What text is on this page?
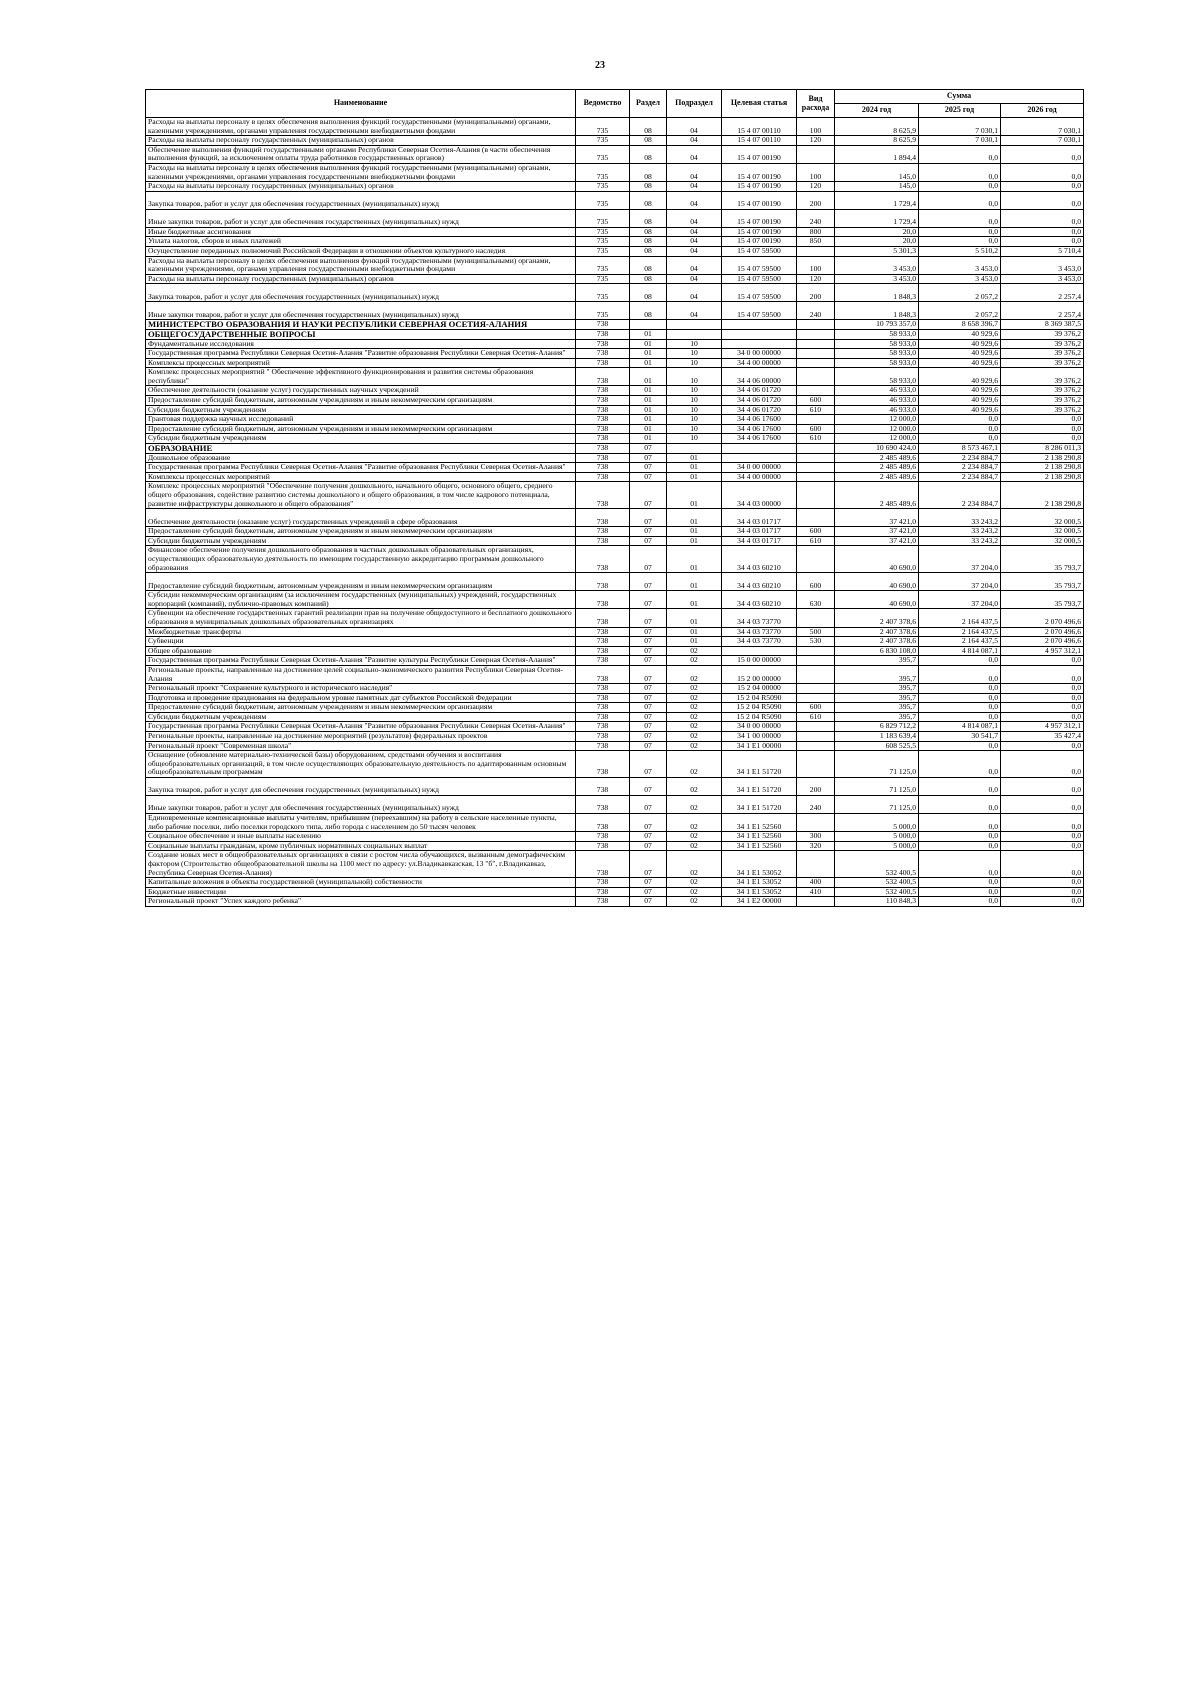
23
Наименование	Ведомство	Раздел	Подраздел	Целевая статья	Вид расхода	Сумма		
						2024 год	2025 год	2026 год
Расходы на выплаты персоналу в целях обеспечения выполнения функций государственными (муниципальными) органами, казенными учреждениями, органами управления государственными внебюджетными фондами	735	08	04	15 4 07 00110	100	8 625,9	7 030,1	7 030,1
Расходы на выплаты персоналу государственных (муниципальных) органов	735	08	04	15 4 07 00110	120	8 625,9	7 030,1	7 030,1
Обеспечение выполнения функций государственными органами Республики Северная Осетия-Алания (в части обеспечения выполнения функций, за исключением оплаты труда работников государственных органов)	735	08	04	15 4 07 00190		1 894,4	0,0	0,0
Расходы на выплаты персоналу в целях обеспечения выполнения функций государственными (муниципальными) органами, казенными учреждениями, органами управления государственными внебюджетными фондами	735	08	04	15 4 07 00190	100	145,0	0,0	0,0
Расходы на выплаты персоналу государственных (муниципальных) органов	735	08	04	15 4 07 00190	120	145,0	0,0	0,0
Закупка товаров, работ и услуг для обеспечения государственных (муниципальных) нужд	735	08	04	15 4 07 00190	200	1 729,4	0,0	0,0
Иные закупки товаров, работ и услуг для обеспечения государственных (муниципальных) нужд	735	08	04	15 4 07 00190	240	1 729,4	0,0	0,0
Иные бюджетные ассигнования	735	08	04	15 4 07 00190	800	20,0	0,0	0,0
Уплата налогов, сборов и иных платежей	735	08	04	15 4 07 00190	850	20,0	0,0	0,0
Осуществление переданных полномочий Российской Федерации в отношении объектов культурного наследия	735	08	04	15 4 07 59500		5 301,3	5 510,2	5 710,4
Расходы на выплаты персоналу в целях обеспечения выполнения функций государственными (муниципальными) органами, казенными учреждениями, органами управления государственными внебюджетными фондами	735	08	04	15 4 07 59500	100	3 453,0	3 453,0	3 453,0
Расходы на выплаты персоналу государственных (муниципальных) органов	735	08	04	15 4 07 59500	120	3 453,0	3 453,0	3 453,0
Закупка товаров, работ и услуг для обеспечения государственных (муниципальных) нужд	735	08	04	15 4 07 59500	200	1 848,3	2 057,2	2 257,4
Иные закупки товаров, работ и услуг для обеспечения государственных (муниципальных) нужд	735	08	04	15 4 07 59500	240	1 848,3	2 057,2	2 257,4
МИНИСТЕРСТВО ОБРАЗОВАНИЯ И НАУКИ РЕСПУБЛИКИ СЕВЕРНАЯ ОСЕТИЯ-АЛАНИЯ	738					10 793 357,0	8 658 396,7	8 369 387,5
ОБЩЕГОСУДАРСТВЕННЫЕ ВОПРОСЫ	738	01				58 933,0	40 929,6	39 376,2
Фундаментальные исследования	738	01	10			58 933,0	40 929,6	39 376,2
Государственная программа Республики Северная Осетия-Алания "Развитие образования Республики Северная Осетия-Алания"	738	01	10	34 0 00 00000		58 933,0	40 929,6	39 376,2
Комплексы процессных мероприятий	738	01	10	34 4 00 00000		58 933,0	40 929,6	39 376,2
Комплекс процессных мероприятий " Обеспечение эффективного функционирования и развития системы образования республики"	738	01	10	34 4 06 00000		58 933,0	40 929,6	39 376,2
Обеспечение деятельности (оказание услуг) государственных научных учреждений	738	01	10	34 4 06 01720		46 933,0	40 929,6	39 376,2
Предоставление субсидий бюджетным, автономным учреждениям и иным некоммерческим организациям	738	01	10	34 4 06 01720	600	46 933,0	40 929,6	39 376,2
Субсидии бюджетным учреждениям	738	01	10	34 4 06 01720	610	46 933,0	40 929,6	39 376,2
Грантовая поддержка научных исследований	738	01	10	34 4 06 17600		12 000,0	0,0	0,0
Предоставление субсидий бюджетным, автономным учреждениям и иным некоммерческим организациям	738	01	10	34 4 06 17600	600	12 000,0	0,0	0,0
Субсидии бюджетным учреждениям	738	01	10	34 4 06 17600	610	12 000,0	0,0	0,0
ОБРАЗОВАНИЕ	738	07				10 690 424,0	8 573 467,1	8 286 011,3
Дошкольное образование	738	07	01			2 485 489,6	2 234 884,7	2 138 290,8
Государственная программа Республики Северная Осетия-Алания "Развитие образования Республики Северная Осетия-Алания"	738	07	01	34 0 00 00000		2 485 489,6	2 234 884,7	2 138 290,8
Комплексы процессных мероприятий	738	07	01	34 4 00 00000		2 485 489,6	2 234 884,7	2 138 290,8
Комплекс процессных мероприятий "Обеспечение получения дошкольного, начального общего, основного общего, среднего общего образования, содействие развитию системы дошкольного и общего образования, в том числе кадрового потенциала, развитие инфраструктуры дошкольного и общего образования"	738	07	01	34 4 03 00000		2 485 489,6	2 234 884,7	2 138 290,8
Обеспечение деятельности (оказание услуг) государственных учреждений в сфере образования	738	07	01	34 4 03 01717		37 421,0	33 243,2	32 000,5
Предоставление субсидий бюджетным, автономным учреждениям и иным некоммерческим организациям	738	07	01	34 4 03 01717	600	37 421,0	33 243,2	32 000,5
Субсидии бюджетным учреждениям	738	07	01	34 4 03 01717	610	37 421,0	33 243,2	32 000,5
Финансовое обеспечение получения дошкольного образования в частных дошкольных образовательных организациях, осуществляющих образовательную деятельность по имеющим государственную аккредитацию программам дошкольного образования	738	07	01	34 4 03 60210		40 690,0	37 204,0	35 793,7
Предоставление субсидий бюджетным, автономным учреждениям и иным некоммерческим организациям	738	07	01	34 4 03 60210	600	40 690,0	37 204,0	35 793,7
Субсидии некоммерческим организациям (за исключением государственных (муниципальных) учреждений, государственных корпораций (компаний), публично-правовых компаний)	738	07	01	34 4 03 60210	630	40 690,0	37 204,0	35 793,7
Субвенции на обеспечение государственных гарантий реализации прав на получение общедоступного и бесплатного дошкольного образования в муниципальных дошкольных образовательных организациях	738	07	01	34 4 03 73770		2 407 378,6	2 164 437,5	2 070 496,6
Межбюджетные трансферты	738	07	01	34 4 03 73770	500	2 407 378,6	2 164 437,5	2 070 496,6
Субвенции	738	07	01	34 4 03 73770	530	2 407 378,6	2 164 437,5	2 070 496,6
Общее образование	738	07	02			6 830 108,0	4 814 087,1	4 957 312,1
Государственная программа Республики Северная Осетия-Алания "Развитие культуры Республики Северная Осетия-Алания"	738	07	02	15 0 00 00000		395,7	0,0	0,0
Региональные проекты, направленные на достижение целей социально-экономического развития Республики Северная Осетия-Алания	738	07	02	15 2 00 00000		395,7	0,0	0,0
Региональный проект "Сохранение культурного и исторического наследия"	738	07	02	15 2 04 00000		395,7	0,0	0,0
Подготовка и проведение празднования на федеральном уровне памятных дат субъектов Российской Федерации	738	07	02	15 2 04 R5090		395,7	0,0	0,0
Предоставление субсидий бюджетным, автономным учреждениям и иным некоммерческим организациям	738	07	02	15 2 04 R5090	600	395,7	0,0	0,0
Субсидии бюджетным учреждениям	738	07	02	15 2 04 R5090	610	395,7	0,0	0,0
Государственная программа Республики Северная Осетия-Алания "Развитие образования Республики Северная Осетия-Алания"	738	07	02	34 0 00 00000		6 829 712,2	4 814 087,1	4 957 312,1
Региональные проекты, направленные на достижение мероприятий (результатов) федеральных проектов	738	07	02	34 1 00 00000		1 183 639,4	30 541,7	35 427,4
Региональный проект "Современная школа"	738	07	02	34 1 E1 00000		608 525,5	0,0	0,0
Оснащение (обновление материально-технической базы) оборудованием, средствами обучения и воспитания общеобразовательных организаций, в том числе осуществляющих образовательную деятельность по адаптированным основным общеобразовательным программам	738	07	02	34 1 E1 51720		71 125,0	0,0	0,0
Закупка товаров, работ и услуг для обеспечения государственных (муниципальных) нужд	738	07	02	34 1 E1 51720	200	71 125,0	0,0	0,0
Иные закупки товаров, работ и услуг для обеспечения государственных (муниципальных) нужд	738	07	02	34 1 E1 51720	240	71 125,0	0,0	0,0
Единовременные компенсационные выплаты учителям, прибывшим (переехавшим) на работу в сельские населенные пункты, либо рабочие поселки, либо поселки городского типа, либо города с населением до 50 тысяч человек	738	07	02	34 1 E1 52560		5 000,0	0,0	0,0
Социальное обеспечение и иные выплаты населению	738	07	02	34 1 E1 52560	300	5 000,0	0,0	0,0
Социальные выплаты гражданам, кроме публичных нормативных социальных выплат	738	07	02	34 1 E1 52560	320	5 000,0	0,0	0,0
Создание новых мест в общеобразовательных организациях в связи с ростом числа обучающихся, вызванным демографическим фактором (Строительство общеобразовательной школы на 1100 мест по адресу: ул.Владикавказская, 13 "б", г.Владикавказ, Республика Северная Осетия-Алания)	738	07	02	34 1 E1 53052		532 400,5	0,0	0,0
Капитальные вложения в объекты государственной (муниципальной) собственности	738	07	02	34 1 E1 53052	400	532 400,5	0,0	0,0
Бюджетные инвестиции	738	07	02	34 1 E1 53052	410	532 400,5	0,0	0,0
Региональный проект "Успех каждого ребенка"	738	07	02	34 1 E2 00000		110 848,3	0,0	0,0
